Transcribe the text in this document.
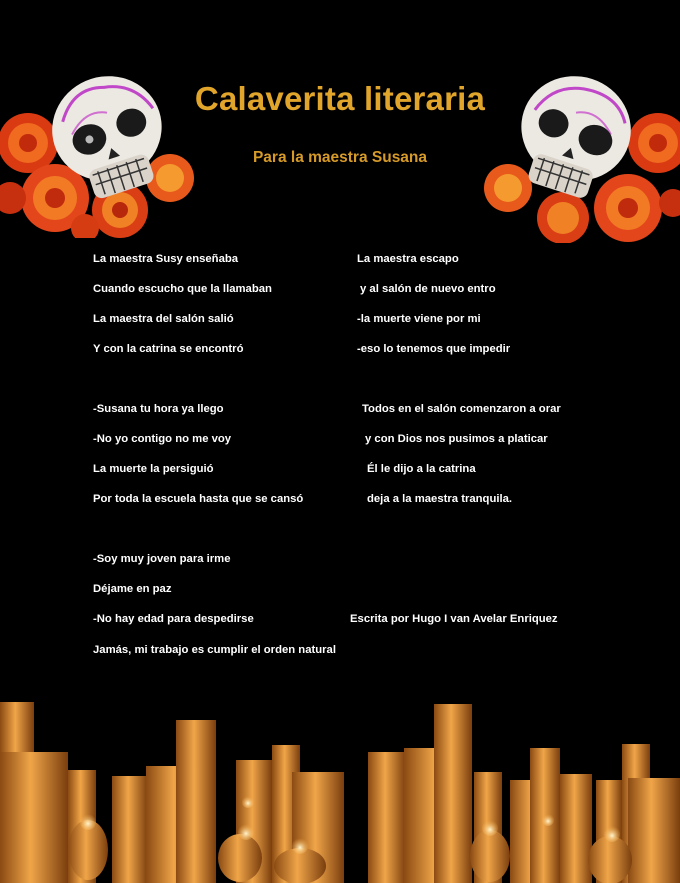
Calaverita literaria
Para la maestra Susana
La maestra Susy enseñaba
Cuando escucho que la llamaban
La maestra del salón salió
Y con la catrina se encontró
-Susana tu hora ya llego
-No yo contigo no me voy
La muerte la persiguió
Por toda la escuela hasta que se cansó
-Soy muy joven para irme
Déjame en paz
-No hay edad para despedirse
Jamás, mi trabajo es cumplir el orden natural
La maestra escapo
y al salón de nuevo entro
-la muerte viene por mi
-eso lo tenemos que impedir
Todos en el salón comenzaron a orar
y con Dios nos pusimos a platicar
Él le dijo a la catrina
deja a la maestra tranquila.
Escrita por Hugo I van Avelar Enriquez
